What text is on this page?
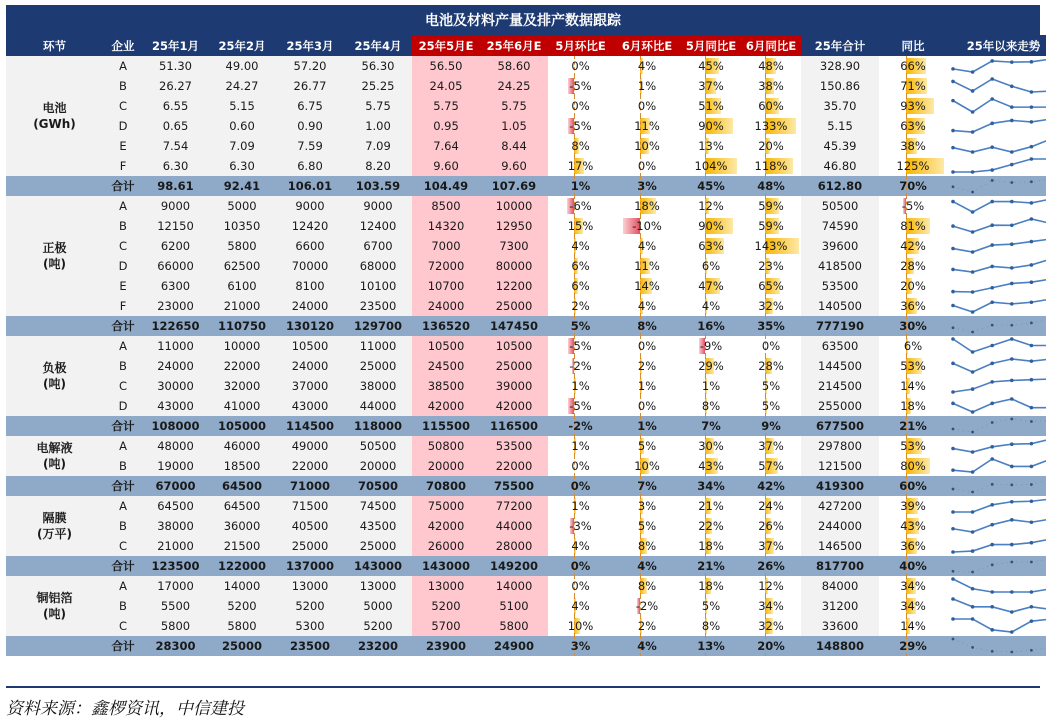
电池及材料产量及排产数据跟踪
环节	企业	25年1月	25年2月	25年3月	25年4月	25年5月E	25年6月E	5月环比E	6月环比E	5月同比E	6月同比E	25年合计	同比	25年以来走势
电池
(GWh)	A	51.30	49.00	57.20	56.30	56.50	58.60	0%	4%	45%	48%	328.90	66%	

	B	26.27	24.27	26.77	25.25	24.05	24.25	-5%	1%	37%	38%	150.86	71%	

	C	6.55	5.15	6.75	5.75	5.75	5.75	0%	0%	51%	60%	35.70	93%	

	D	0.65	0.60	0.90	1.00	0.95	1.05	-5%	11%	90%	133%	5.15	63%	

	E	7.54	7.09	7.59	7.09	7.64	8.44	8%	10%	13%	20%	45.39	38%	

	F	6.30	6.30	6.80	8.20	9.60	9.60	17%	0%	104%	118%	46.80	125%	

	合计	98.61	92.41	106.01	103.59	104.49	107.69	1%	3%	45%	48%	612.80	70%	

正极
(吨)	A	9000	5000	9000	9000	8500	10000	-6%	18%	12%	59%	50500	-5%	

	B	12150	10350	12420	12400	14320	12950	15%	-10%	90%	59%	74590	81%	

	C	6200	5800	6600	6700	7000	7300	4%	4%	63%	143%	39600	42%	

	D	66000	62500	70000	68000	72000	80000	6%	11%	6%	23%	418500	28%	

	E	6300	6100	8100	10100	10700	12200	6%	14%	47%	65%	53500	20%	

	F	23000	21000	24000	23500	24000	25000	2%	4%	4%	32%	140500	36%	

	合计	122650	110750	130120	129700	136520	147450	5%	8%	16%	35%	777190	30%	

负极
(吨)	A	11000	10000	10500	11000	10500	10500	-5%	0%	-9%	0%	63500	6%	

	B	24000	22000	24000	25000	24500	25000	-2%	2%	29%	28%	144500	53%	

	C	30000	32000	37000	38000	38500	39000	1%	1%	1%	5%	214500	14%	

	D	43000	41000	43000	44000	42000	42000	-5%	0%	8%	5%	255000	18%	

	合计	108000	105000	114500	118000	115500	116500	-2%	1%	7%	9%	677500	21%	

电解液
(吨)	A	48000	46000	49000	50500	50800	53500	1%	5%	30%	37%	297800	53%	

	B	19000	18500	22000	20000	20000	22000	0%	10%	43%	57%	121500	80%	

	合计	67000	64500	71000	70500	70800	75500	0%	7%	34%	42%	419300	60%	

隔膜
(万平)	A	64500	64500	71500	74500	75000	77200	1%	3%	21%	24%	427200	39%	

	B	38000	36000	40500	43500	42000	44000	-3%	5%	22%	26%	244000	43%	

	C	21000	21500	25000	25000	26000	28000	4%	8%	18%	37%	146500	36%	

	合计	123500	122000	137000	143000	143000	149200	0%	4%	21%	26%	817700	40%	

铜铝箔
(吨)	A	17000	14000	13000	13000	13000	14000	0%	8%	18%	12%	84000	34%	

	B	5500	5200	5200	5000	5200	5100	4%	-2%	5%	34%	31200	34%	

	C	5800	5800	5300	5200	5700	5800	10%	2%	8%	32%	33600	14%	

	合计	28300	25000	23500	23200	23900	24900	3%	4%	13%	20%	148800	29%	
资料来源：鑫椤资讯，中信建投
